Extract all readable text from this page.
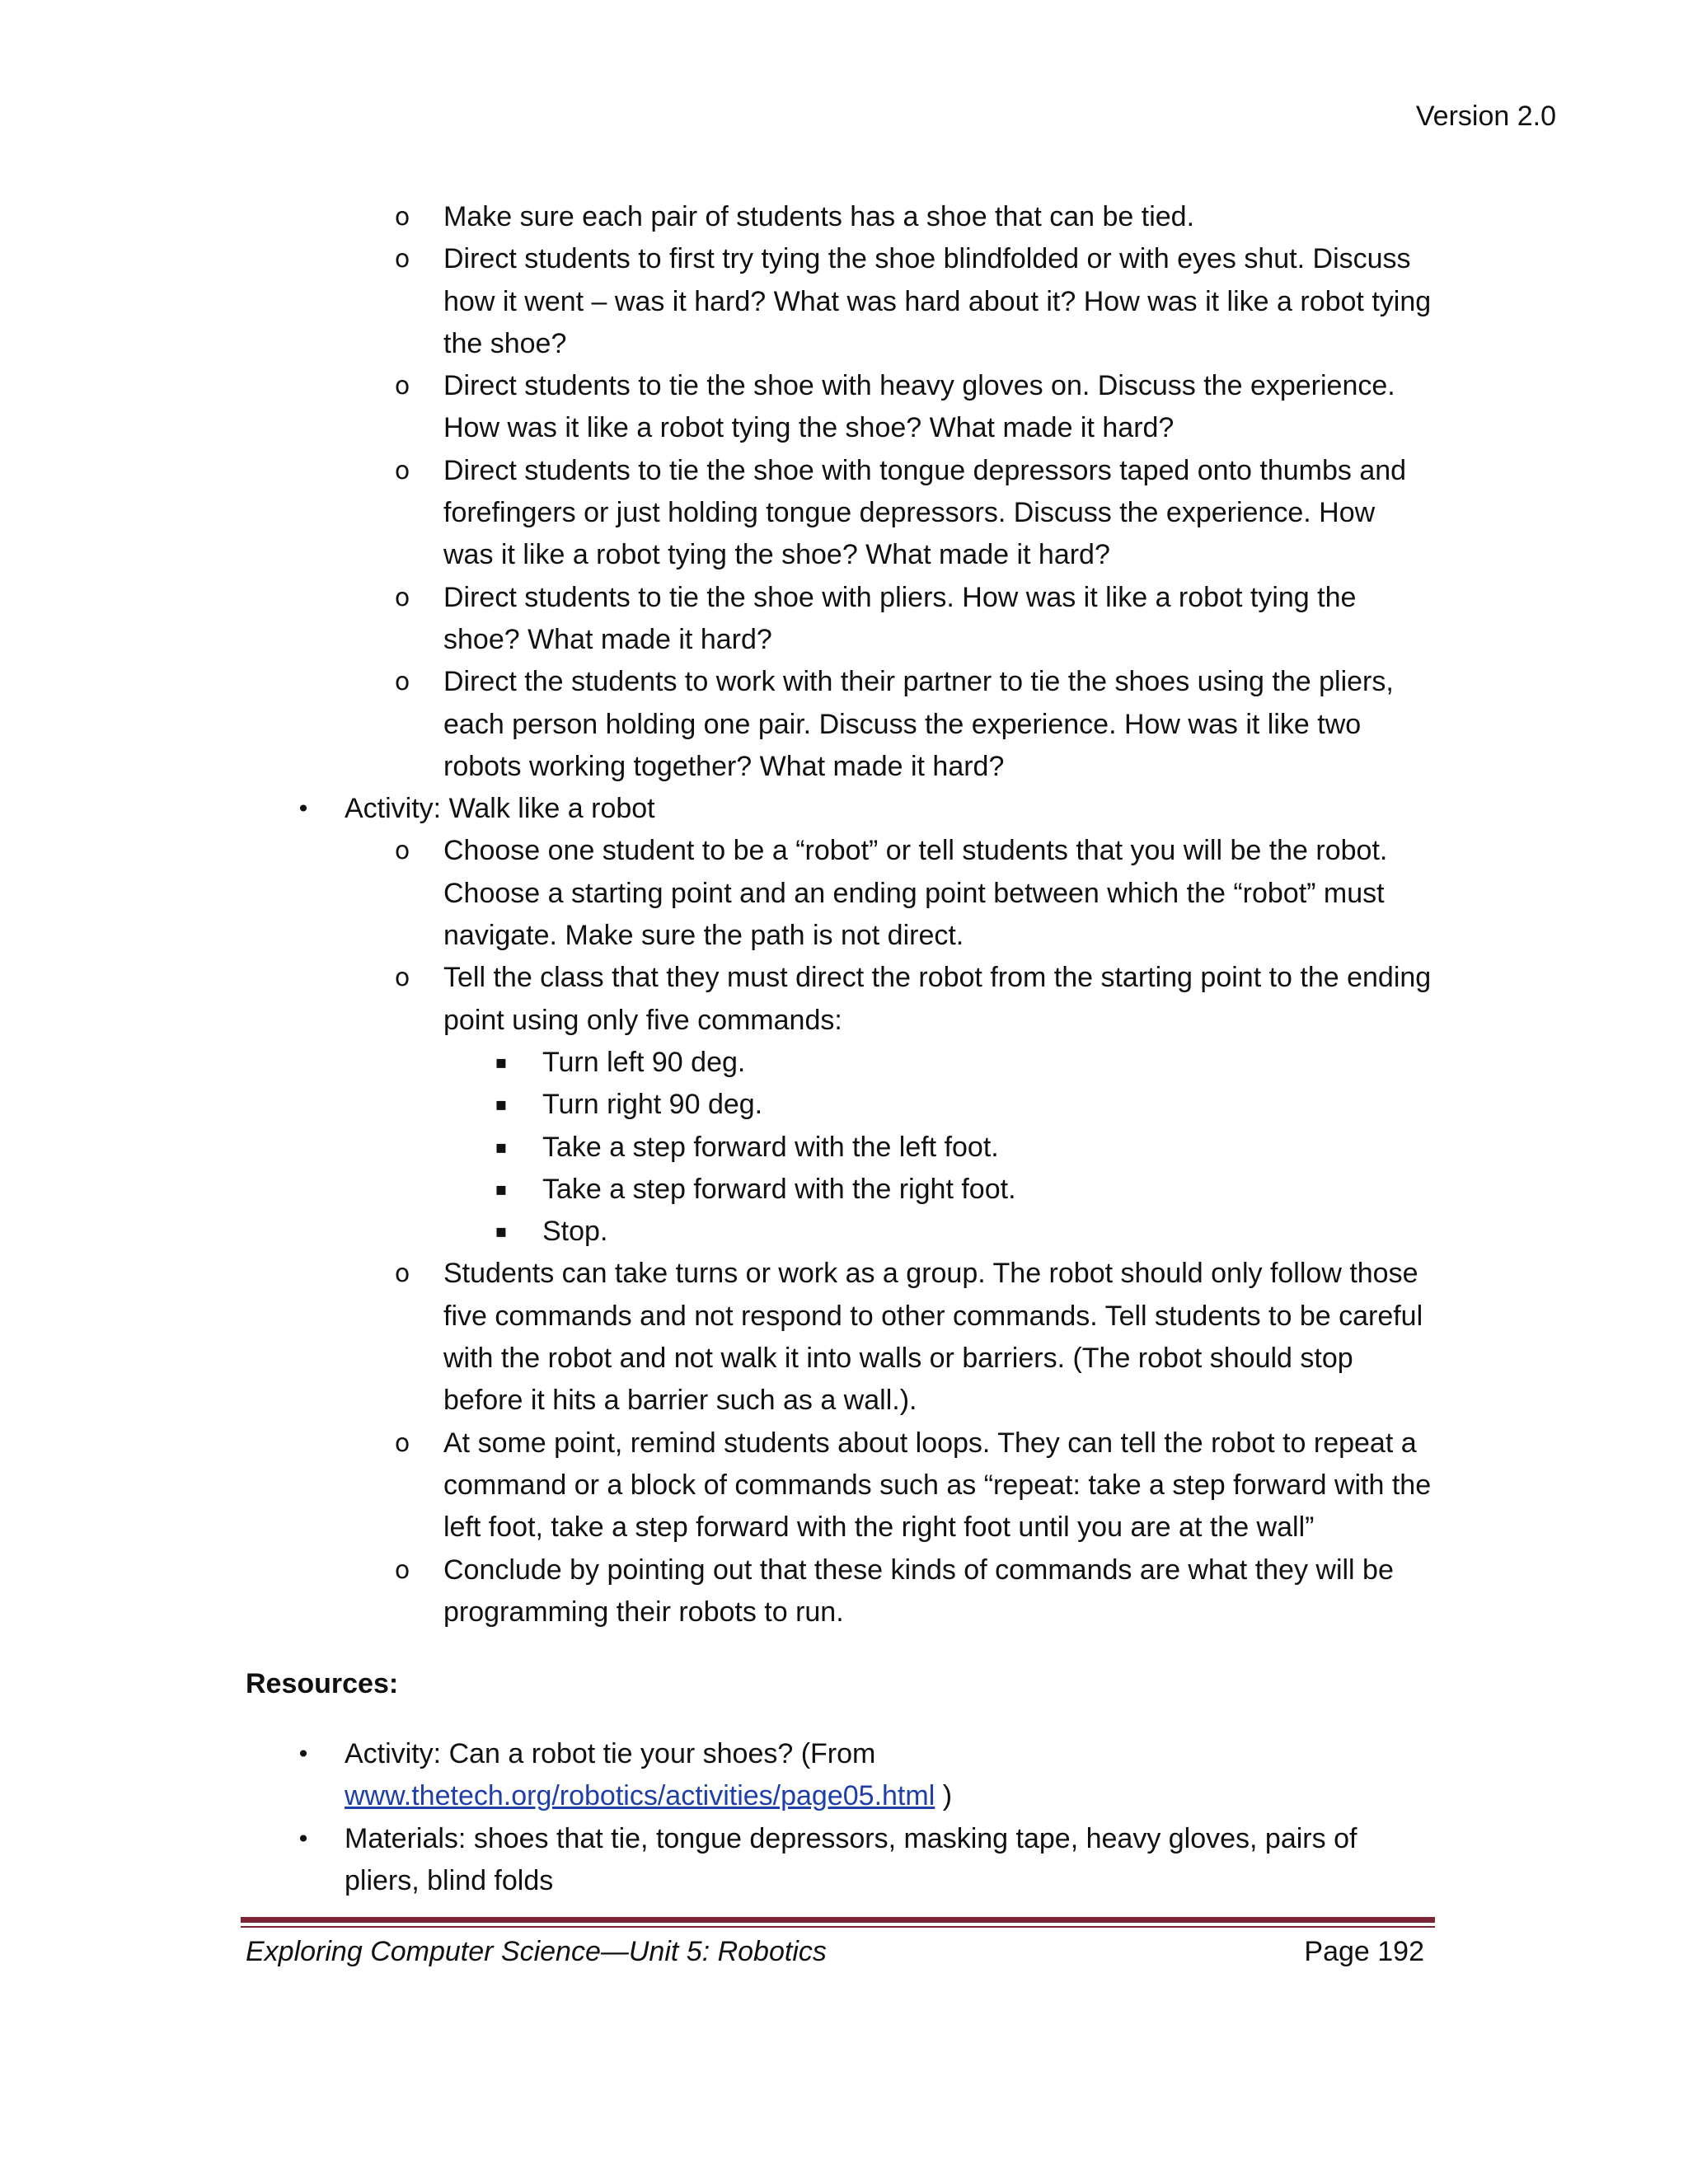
Version 2.0
o	Make sure each pair of students has a shoe that can be tied.
o	Direct students to first try tying the shoe blindfolded or with eyes shut. Discuss how it went – was it hard? What was hard about it? How was it like a robot tying the shoe?
o	Direct students to tie the shoe with heavy gloves on. Discuss the experience. How was it like a robot tying the shoe? What made it hard?
o	Direct students to tie the shoe with tongue depressors taped onto thumbs and forefingers or just holding tongue depressors. Discuss the experience. How was it like a robot tying the shoe? What made it hard?
o	Direct students to tie the shoe with pliers. How was it like a robot tying the shoe? What made it hard?
o	Direct the students to work with their partner to tie the shoes using the pliers, each person holding one pair. Discuss the experience. How was it like two robots working together? What made it hard?
•	Activity: Walk like a robot
o	Choose one student to be a “robot” or tell students that you will be the robot. Choose a starting point and an ending point between which the “robot” must navigate. Make sure the path is not direct.
o	Tell the class that they must direct the robot from the starting point to the ending point using only five commands:
▪	Turn left 90 deg.
▪	Turn right 90 deg.
▪	Take a step forward with the left foot.
▪	Take a step forward with the right foot.
▪	Stop.
o	Students can take turns or work as a group. The robot should only follow those five commands and not respond to other commands. Tell students to be careful with the robot and not walk it into walls or barriers. (The robot should stop before it hits a barrier such as a wall.).
o	At some point, remind students about loops. They can tell the robot to repeat a command or a block of commands such as “repeat: take a step forward with the left foot, take a step forward with the right foot until you are at the wall”
o	Conclude by pointing out that these kinds of commands are what they will be programming their robots to run.
Resources:
•	Activity: Can a robot tie your shoes? (From
www.thetech.org/robotics/activities/page05.html )
•	Materials: shoes that tie, tongue depressors, masking tape, heavy gloves, pairs of pliers, blind folds
Exploring Computer Science—Unit 5: Robotics	Page 192
